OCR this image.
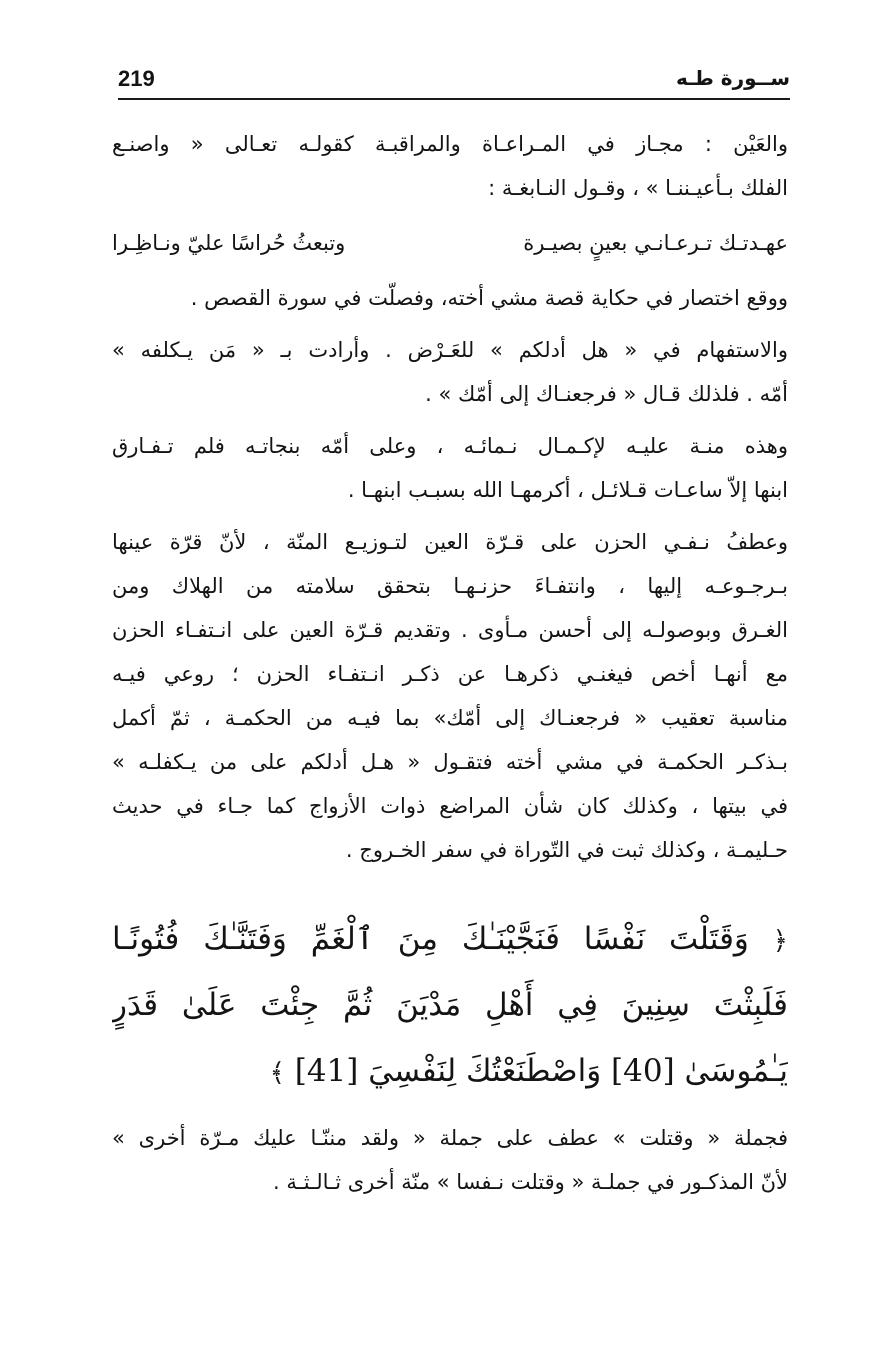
219	ســورة طـه
والعَيْن : مجـاز في المـراعـاة والمراقبـة كقولـه تعـالى « واصنـع
الفلك بـأعيـننـا » ، وقـول النـابغـة :
عهـدتـك تـرعـانـي بعينٍ بصيـرة
وتبعثُ حُراسًا عليّ ونـاظِـرا
ووقع اختصار في حكاية قصة مشي أخته، وفصلّت في سورة القصص .
والاستفهام في « هل أدلكم » للعَـرْض . وأرادت بـ « مَن يـكلفه »
أمّه . فلذلك قـال « فرجعنـاك إلى أمّك » .
وهذه منـة عليـه لإكـمـال نـمائـه ، وعلى أمّه بنجاتـه فلم تـفـارق
ابنها إلاّ ساعـات قـلائـل ، أكرمهـا الله بسبـب ابنهـا .
وعطفُ نـفـي الحزن على قـرّة العين لتـوزيـع المنّة ، لأنّ قرّة عينها
بـرجـوعـه إليها ، وانتفـاءَ حزنـهـا بتحقق سلامته من الهلاك ومن
الغـرق وبوصولـه إلى أحسن مـأوى . وتقديم قـرّة العين على انـتفـاء الحزن
مع أنهـا أخص فيغنـي ذكرهـا عن ذكـر انـتفـاء الحزن ؛ روعي فيـه
مناسبة تعقيب « فرجعنـاك إلى أمّك» بما فيـه من الحكمـة ، ثمّ أكمل
بـذكـر الحكمـة في مشي أخته فتقـول « هـل أدلكم على من يـكفلـه »
في بيتها ، وكذلك كان شأن المراضع ذوات الأزواج كما جـاء في حديث
حـليمـة ، وكذلك ثبت في التّوراة في سفر الخـروج .
﴿ وَقَتَلْتَ نَفْسًا فَنَجَّيْنَـٰكَ مِنَ ٱلْغَمِّ وَفَتَنَّـٰكَ فُتُونًـا
فَلَبِثْتَ سِنِينَ فِي أَهْلِ مَدْيَنَ ثُمَّ جِئْتَ عَلَىٰ قَدَرٍ
يَـٰمُوسَىٰ [40] وَاصْطَنَعْتُكَ لِنَفْسِيَ [41] ﴾
فجملة « وقتلت » عطف على جملة « ولقد مننّـا عليك مـرّة أخرى »
لأنّ المذكـور في جملـة « وقتلت نـفسا » منّة أخرى ثـالـثـة .
